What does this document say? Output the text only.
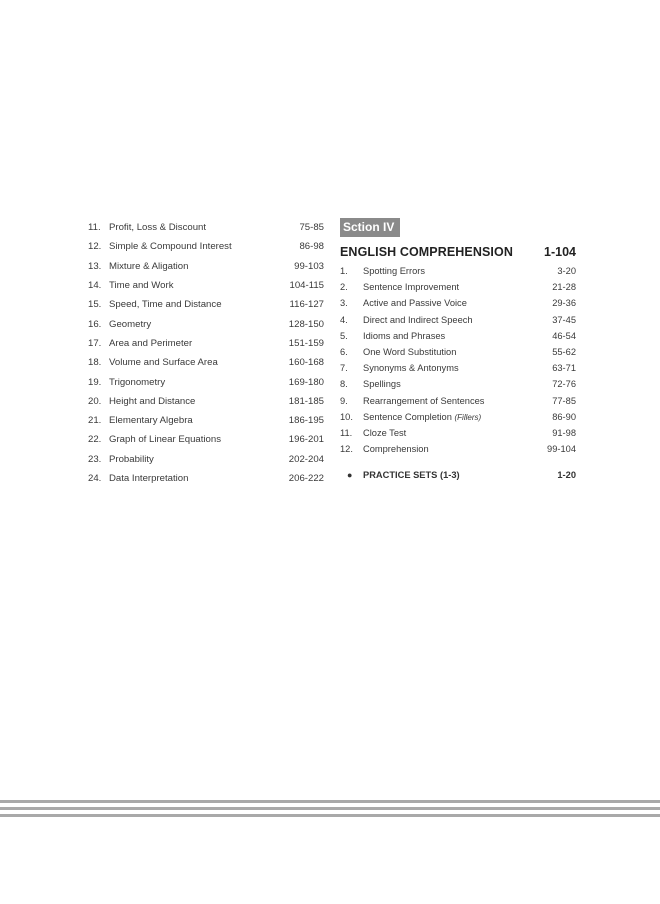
11. Profit, Loss & Discount	75-85
12. Simple & Compound Interest	86-98
13. Mixture & Aligation	99-103
14. Time and Work	104-115
15. Speed, Time and Distance	116-127
16. Geometry	128-150
17. Area and Perimeter	151-159
18. Volume and Surface Area	160-168
19. Trigonometry	169-180
20. Height and Distance	181-185
21. Elementary Algebra	186-195
22. Graph of Linear Equations	196-201
23. Probability	202-204
24. Data Interpretation	206-222
Sction IV
ENGLISH COMPREHENSION 1-104
1.	Spotting Errors	3-20
2.	Sentence Improvement	21-28
3.	Active and Passive Voice	29-36
4.	Direct and Indirect Speech	37-45
5.	Idioms and Phrases	46-54
6.	One Word Substitution	55-62
7.	Synonyms & Antonyms	63-71
8.	Spellings	72-76
9.	Rearrangement of Sentences	77-85
10.	Sentence Completion (Fillers)	86-90
11.	Cloze Test	91-98
12.	Comprehension	99-104
●	PRACTICE SETS (1-3)	1-20
